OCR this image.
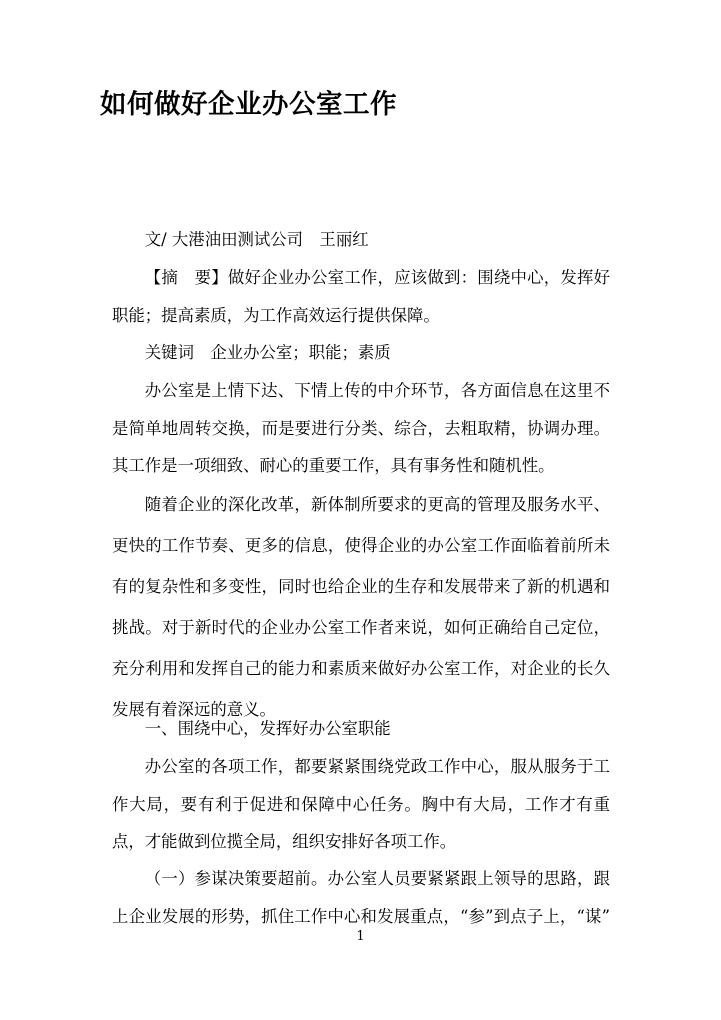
如何做好企业办公室工作

文/ 大港油田测试公司　王丽红

【摘　要】做好企业办公室工作，应该做到：围绕中心，发挥好职能；提高素质，为工作高效运行提供保障。

关键词　企业办公室；职能；素质

办公室是上情下达、下情上传的中介环节，各方面信息在这里不是简单地周转交换，而是要进行分类、综合，去粗取精，协调办理。其工作是一项细致、耐心的重要工作，具有事务性和随机性。

随着企业的深化改革，新体制所要求的更高的管理及服务水平、更快的工作节奏、更多的信息，使得企业的办公室工作面临着前所未有的复杂性和多变性，同时也给企业的生存和发展带来了新的机遇和挑战。对于新时代的企业办公室工作者来说，如何正确给自己定位，充分利用和发挥自己的能力和素质来做好办公室工作，对企业的长久发展有着深远的意义。

一、围绕中心，发挥好办公室职能

办公室的各项工作，都要紧紧围绕党政工作中心，服从服务于工作大局，要有利于促进和保障中心任务。胸中有大局，工作才有重点，才能做到位揽全局，组织安排好各项工作。

（一）参谋决策要超前。办公室人员要紧紧跟上领导的思路，跟上企业发展的形势，抓住工作中心和发展重点，“参”到点子上，“谋”

1
